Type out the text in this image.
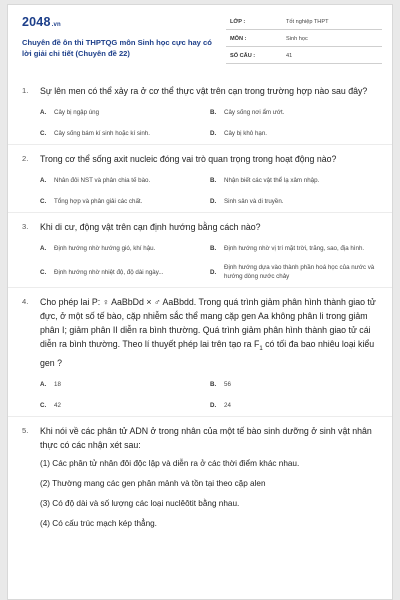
2048.vn
Chuyên đề ôn thi THPTQG môn Sinh học cực hay có lời giải chi tiết (Chuyên đề 22)
LỚP :	Tốt nghiệp THPT
MÔN :	Sinh học
SỐ CÂU :	41
1.	Sự lên men có thể xảy ra ở cơ thể thực vật trên cạn trong trường hợp nào sau đây?
A.	Cây bị ngập úng	B.	Cây sống nơi ẩm ướt.
C.	Cây sống bám kí sinh hoặc kí sinh.	D.	Cây bị khô hạn.
2.	Trong cơ thể sống axit nucleic đóng vai trò quan trọng trong hoạt động nào?
A.	Nhân đôi NST và phân chia tế bào.	B.	Nhận biết các vật thể lạ xâm nhập.
C.	Tổng hợp và phân giải các chất.	D.	Sinh sản và di truyền.
3.	Khi di cư, động vật trên cạn định hướng bằng cách nào?
A.	Định hướng nhờ hướng gió, khí hậu.	B.	Định hướng nhờ vị trí mặt trời, trăng, sao, địa hình.
C.	Định hướng nhờ nhiệt độ, độ dài ngày...	D.
Định hướng dựa vào thành phần hoá học của nước và hướng dòng nước chảy
4.	Cho phép lai P: ♀ AaBbDd × ♂ AaBbdd. Trong quá trình giảm phân hình thành giao tử đực, ở một số tế bào, cặp nhiễm sắc thể mang cặp gen Aa không phân li trong giảm phân I; giảm phân II diễn ra bình thường. Quá trình giảm phân hình thành giao tử cái diễn ra bình thường. Theo lí thuyết phép lai trên tạo ra $F_1$ có tối đa bao nhiêu loại kiểu gen ?
A.	18	B.	56
C.	42	D.	24
5.	Khi nói về các phân tử ADN ở trong nhân của một tế bào sinh dưỡng ở sinh vật nhân thực có các nhận xét sau:
(1) Các phân tử nhân đôi độc lập và diễn ra ở các thời điểm khác nhau.
(2) Thường mang các gen phân mảnh và tồn tại theo cặp alen
(3) Có độ dài và số lượng các loại nuclêôtit bằng nhau.
(4) Có cấu trúc mạch kép thẳng.
